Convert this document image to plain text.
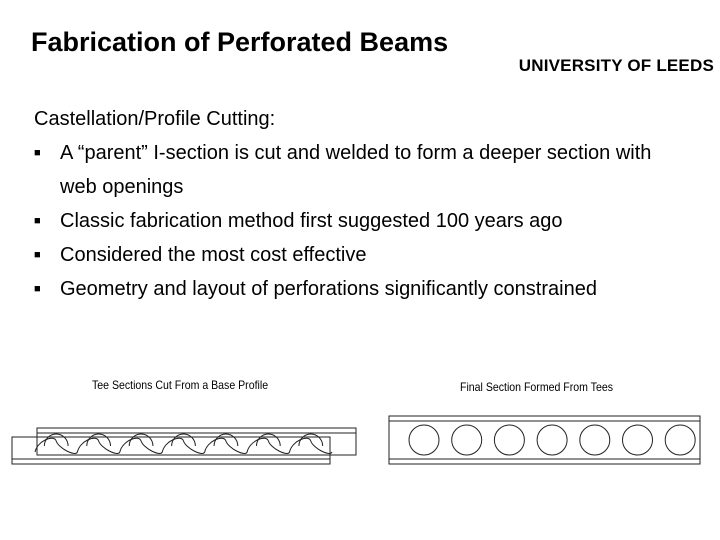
Fabrication of Perforated Beams
UNIVERSITY OF LEEDS

Castellation/Profile Cutting:

■ A “parent” I-section is cut and welded to form a deeper section with web openings
■ Classic fabrication method first suggested 100 years ago
■ Considered the most cost effective
■ Geometry and layout of perforations significantly constrained
Tee Sections Cut From a Base Profile	Final Section Formed From Tees
